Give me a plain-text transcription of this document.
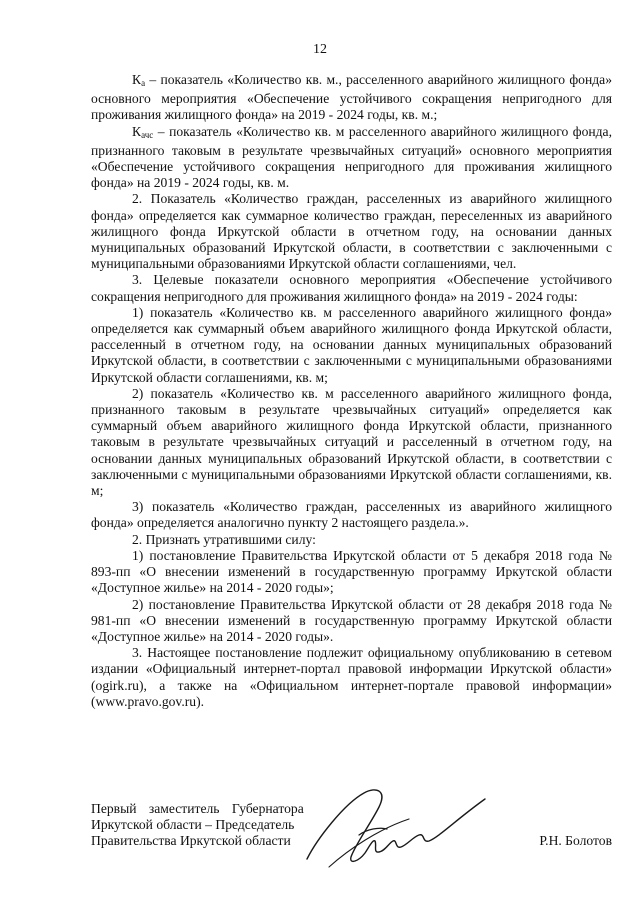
12

$К_а$ – показатель «Количество кв. м., расселенного аварийного жилищного фонда» основного мероприятия «Обеспечение устойчивого сокращения непригодного для проживания жилищного фонда» на 2019 - 2024 годы, кв. м.;

$К_{ачс}$ – показатель «Количество кв. м расселенного аварийного жилищного фонда, признанного таковым в результате чрезвычайных ситуаций» основного мероприятия «Обеспечение устойчивого сокращения непригодного для проживания жилищного фонда» на 2019 - 2024 годы, кв. м.

2. Показатель «Количество граждан, расселенных из аварийного жилищного фонда» определяется как суммарное количество граждан, переселенных из аварийного жилищного фонда Иркутской области в отчетном году, на основании данных муниципальных образований Иркутской области, в соответствии с заключенными с муниципальными образованиями Иркутской области соглашениями, чел.

3. Целевые показатели основного мероприятия «Обеспечение устойчивого сокращения непригодного для проживания жилищного фонда» на 2019 - 2024 годы:

1) показатель «Количество кв. м расселенного аварийного жилищного фонда» определяется как суммарный объем аварийного жилищного фонда Иркутской области, расселенный в отчетном году, на основании данных муниципальных образований Иркутской области, в соответствии с заключенными с муниципальными образованиями Иркутской области соглашениями, кв. м;

2) показатель «Количество кв. м расселенного аварийного жилищного фонда, признанного таковым в результате чрезвычайных ситуаций» определяется как суммарный объем аварийного жилищного фонда Иркутской области, признанного таковым в результате чрезвычайных ситуаций и расселенный в отчетном году, на основании данных муниципальных образований Иркутской области, в соответствии с заключенными с муниципальными образованиями Иркутской области соглашениями, кв. м;

3) показатель «Количество граждан, расселенных из аварийного жилищного фонда» определяется аналогично пункту 2 настоящего раздела.».

2. Признать утратившими силу:

1) постановление Правительства Иркутской области от 5 декабря 2018 года № 893-пп «О внесении изменений в государственную программу Иркутской области «Доступное жилье» на 2014 - 2020 годы»;

2) постановление Правительства Иркутской области от 28 декабря 2018 года № 981-пп «О внесении изменений в государственную программу Иркутской области «Доступное жилье» на 2014 - 2020 годы».

3. Настоящее постановление подлежит официальному опубликованию в сетевом издании «Официальный интернет-портал правовой информации Иркутской области» (ogirk.ru), а также на «Официальном интернет-портале правовой информации» (www.pravo.gov.ru).

Первый заместитель Губернатора
Иркутской области – Председатель
Правительства Иркутской области	Р.Н. Болотов
